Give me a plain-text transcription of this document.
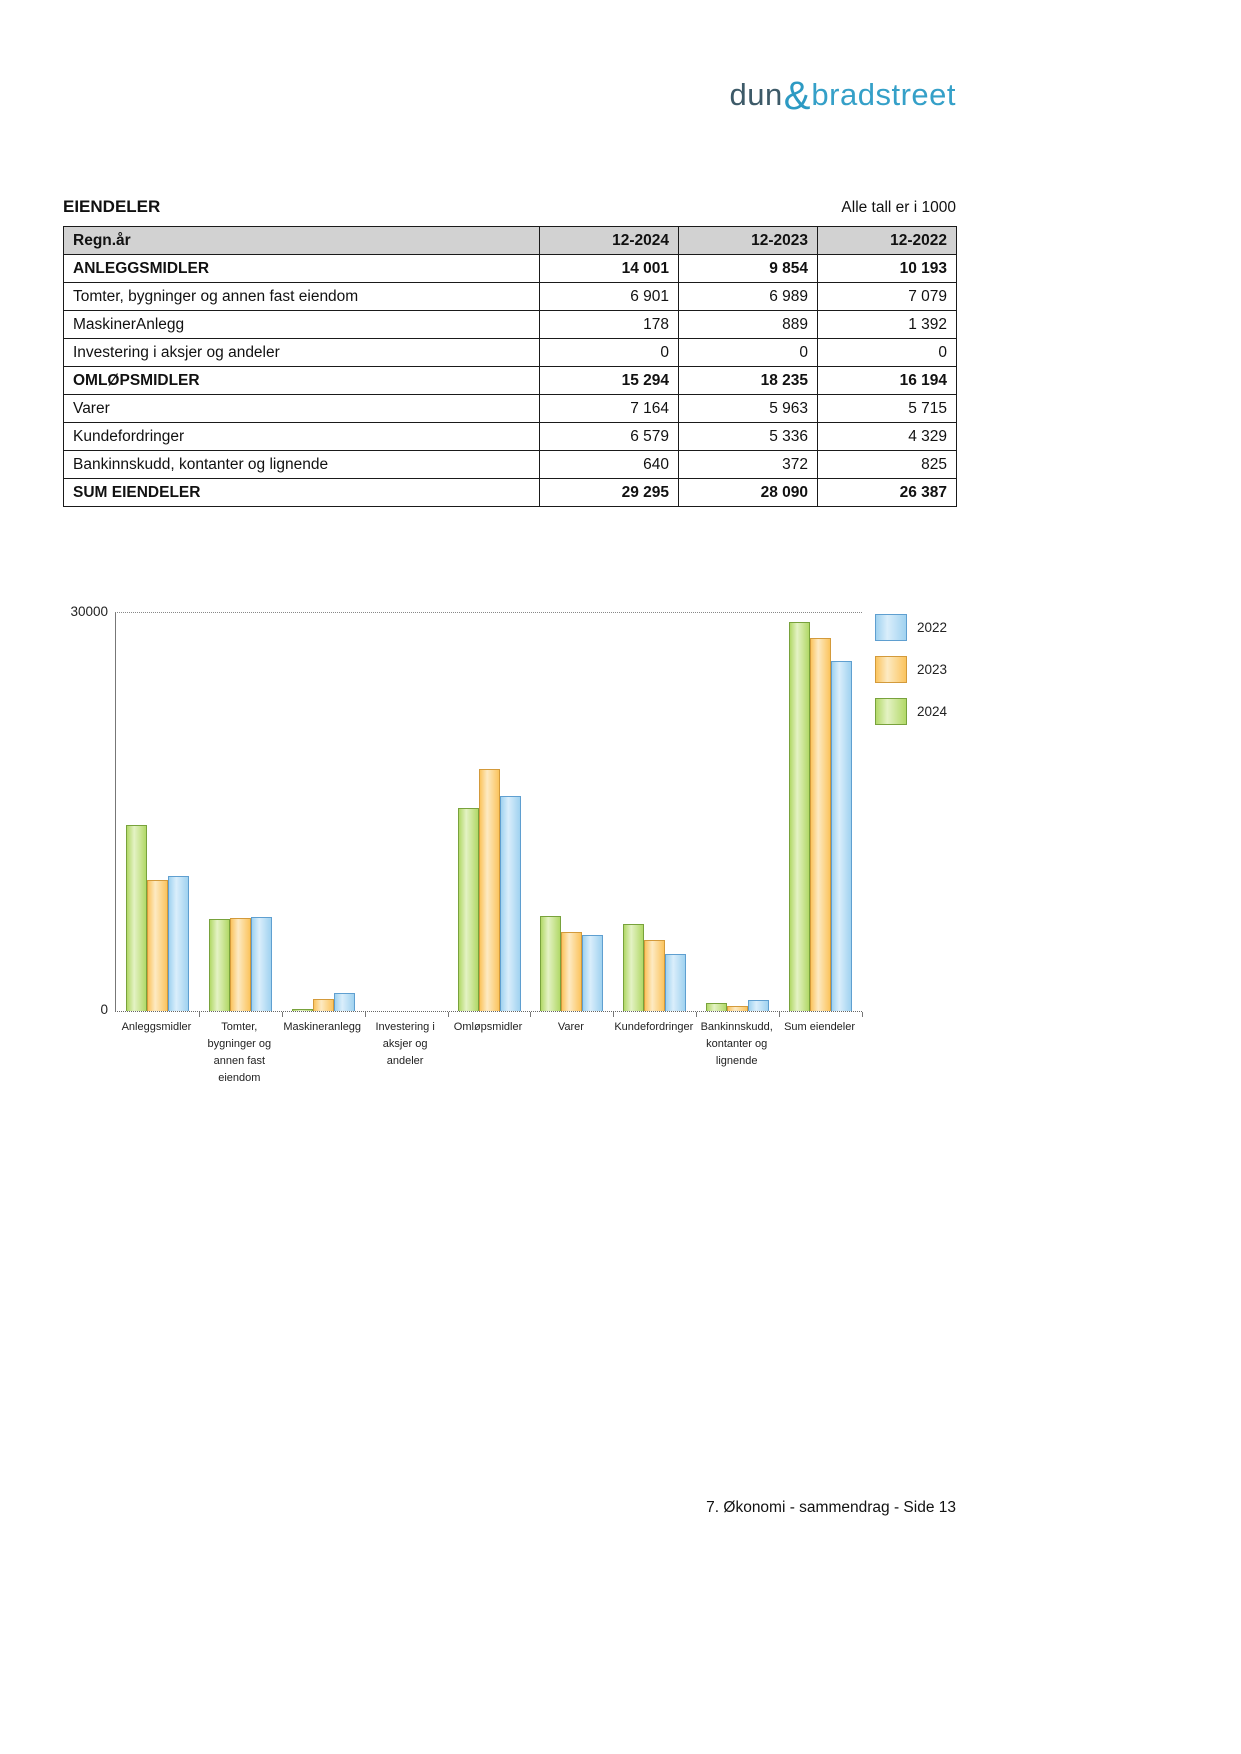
dun&bradstreet
EIENDELER	Alle tall er i 1000
Regn.år	12-2024	12-2023	12-2022
ANLEGGSMIDLER	14 001	9 854	10 193
Tomter, bygninger og annen fast eiendom	6 901	6 989	7 079
MaskinerAnlegg	178	889	1 392
Investering i aksjer og andeler	0	0	0
OMLØPSMIDLER	15 294	18 235	16 194
Varer	7 164	5 963	5 715
Kundefordringer	6 579	5 336	4 329
Bankinnskudd, kontanter og lignende	640	372	825
SUM EIENDELER	29 295	28 090	26 387
30000
0
Anleggsmidler	Tomter, bygninger og annen fast eiendom
Maskineranlegg	Investering i aksjer og andeler
Omløpsmidler	Varer	Kundefordringer Bankinnskudd, kontanter og lignende
Sum eiendeler
2022
2023
2024
7. Økonomi - sammendrag - Side 13
